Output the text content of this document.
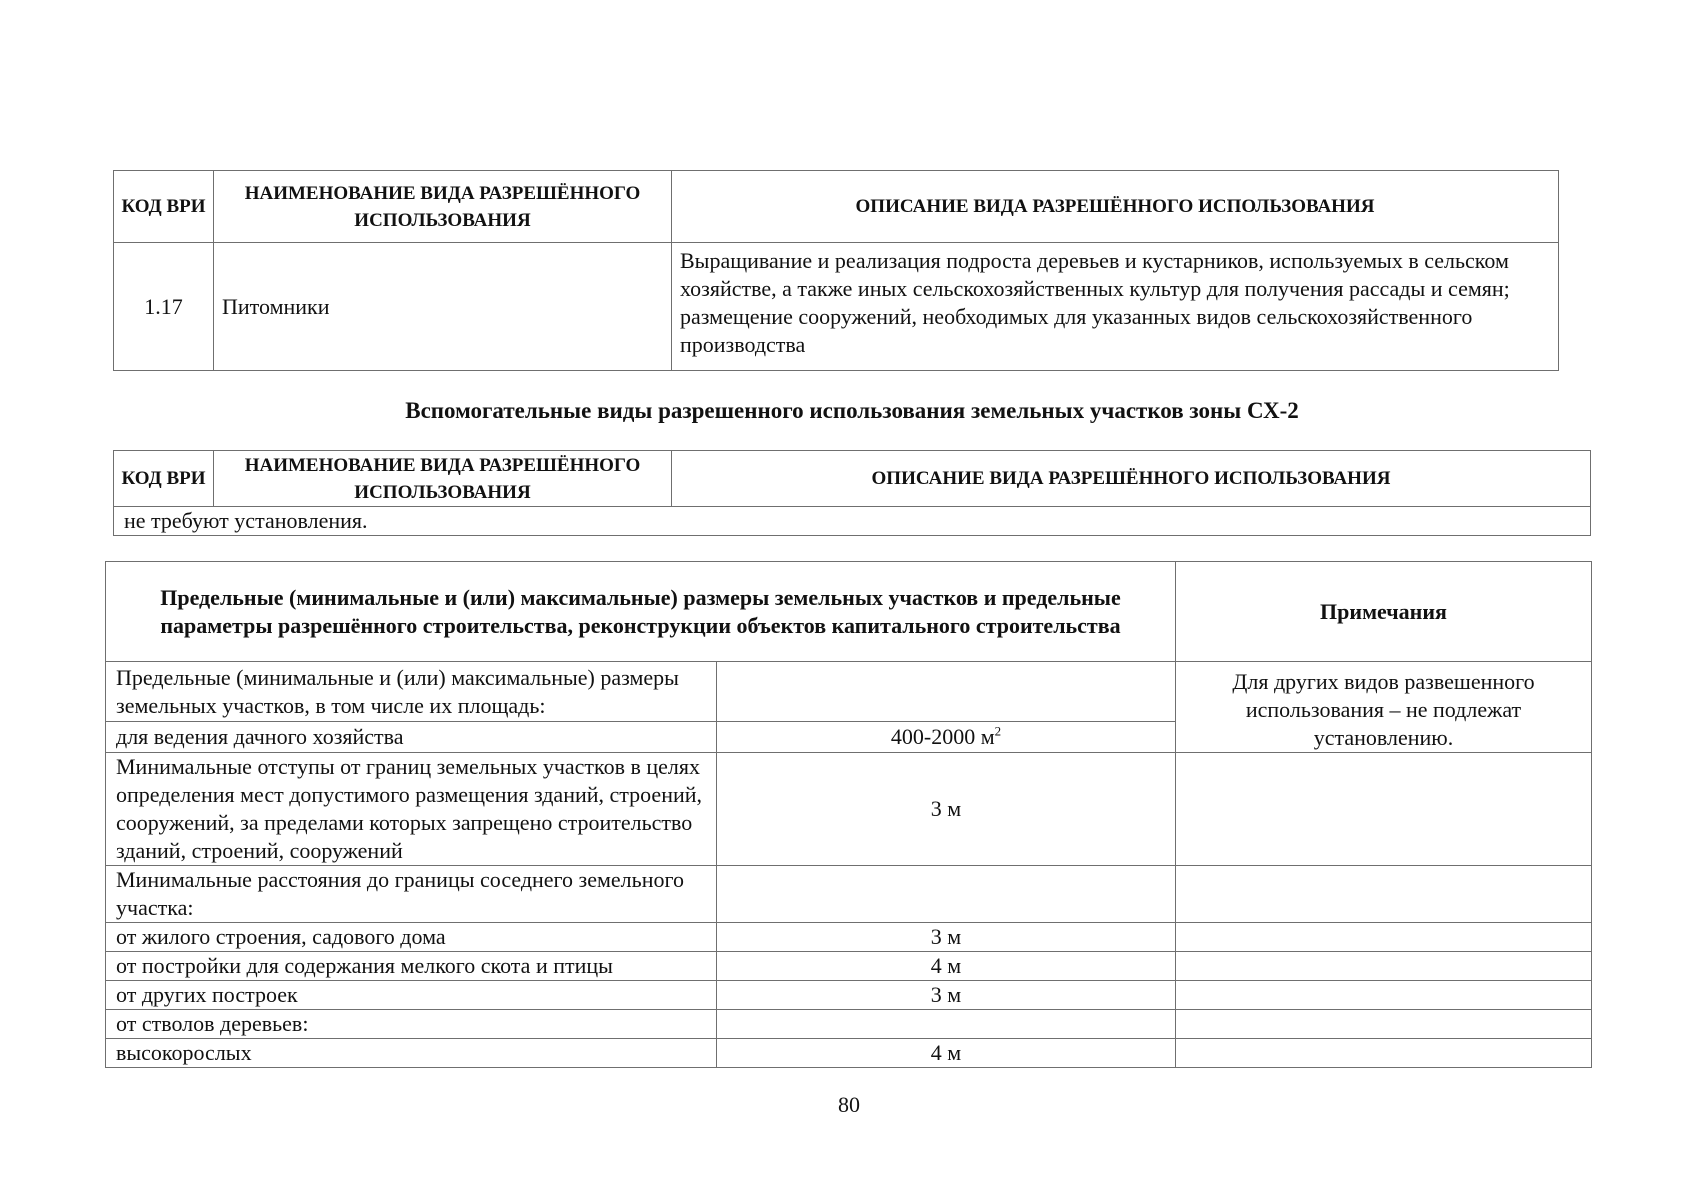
КОД ВРИ	НАИМЕНОВАНИЕ ВИДА РАЗРЕШЁННОГО ИСПОЛЬЗОВАНИЯ	ОПИСАНИЕ ВИДА РАЗРЕШЁННОГО ИСПОЛЬЗОВАНИЯ
1.17	Питомники	Выращивание и реализация подроста деревьев и кустарников, используемых в сельском хозяйстве, а также иных сельскохозяйственных культур для получения рассады и семян; размещение сооружений, необходимых для указанных видов сельскохозяйственного производства
Вспомогательные виды разрешенного использования земельных участков зоны СХ-2
КОД ВРИ	НАИМЕНОВАНИЕ ВИДА РАЗРЕШЁННОГО ИСПОЛЬЗОВАНИЯ	ОПИСАНИЕ ВИДА РАЗРЕШЁННОГО ИСПОЛЬЗОВАНИЯ
не требуют установления.
Предельные (минимальные и (или) максимальные) размеры земельных участков и предельные параметры разрешённого строительства, реконструкции объектов капитального строительства		Примечания
Предельные (минимальные и (или) максимальные) размеры земельных участков, в том числе их площадь:		Для других видов развешенного использования – не подлежат установлению.
для ведения дачного хозяйства	400-2000 $м^2$
Минимальные отступы от границ земельных участков в целях определения мест допустимого размещения зданий, строений, сооружений, за пределами которых запрещено строительство зданий, строений, сооружений	3 м	
Минимальные расстояния до границы соседнего земельного участка:		
от жилого строения, садового дома	3 м	
от постройки для содержания мелкого скота и птицы	4 м	
от других построек	3 м	
от стволов деревьев:		
высокорослых	4 м	
80
